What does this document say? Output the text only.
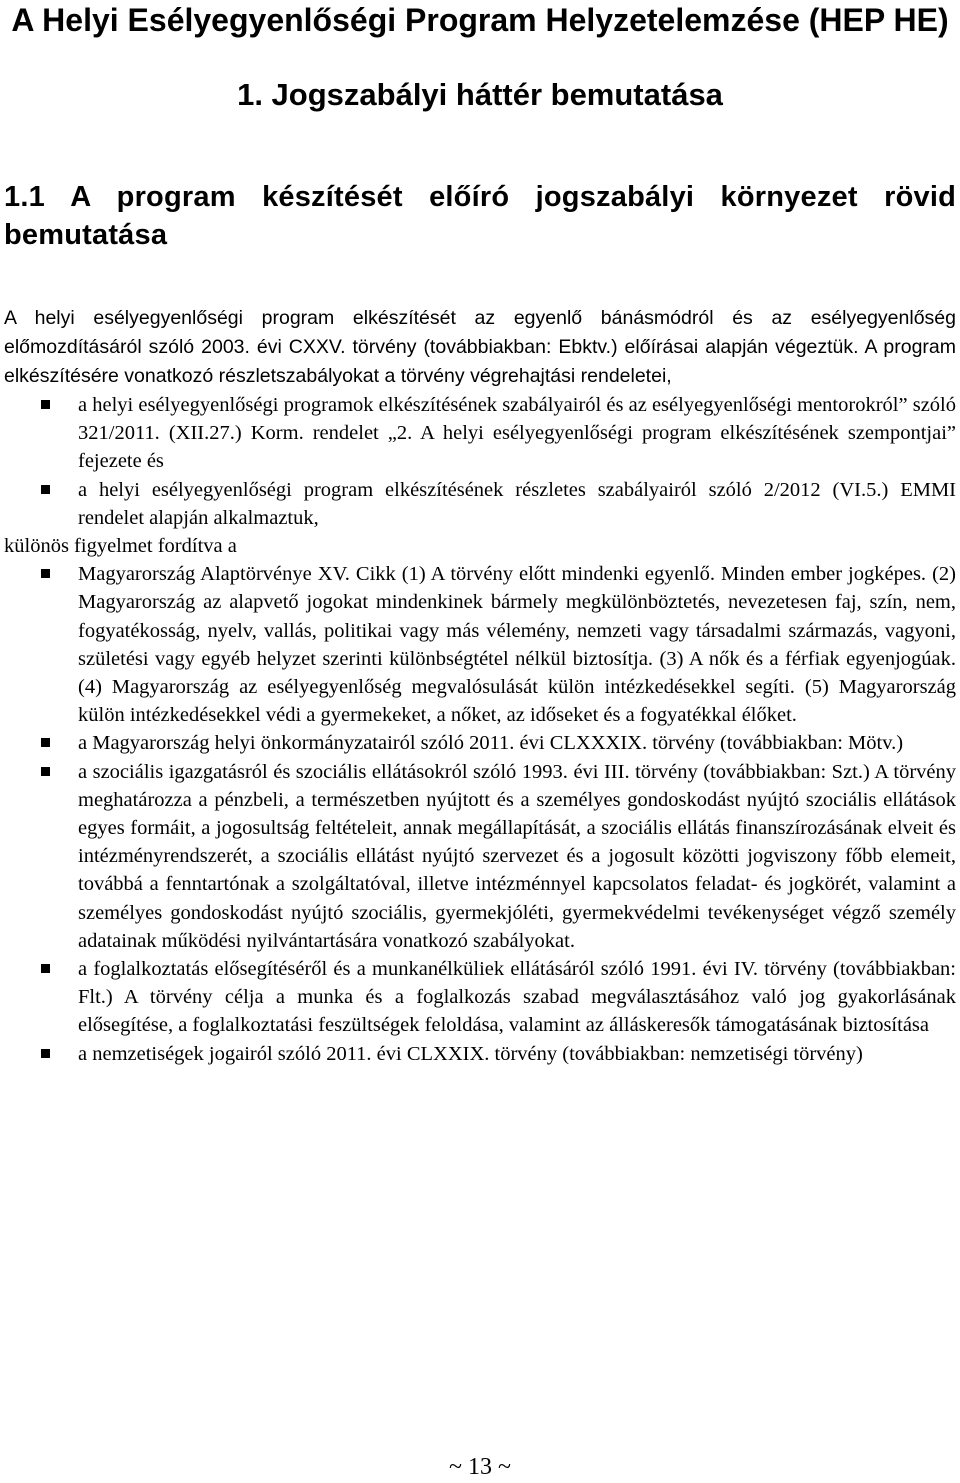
A Helyi Esélyegyenlőségi Program Helyzetelemzése (HEP HE)
1. Jogszabályi háttér bemutatása
1.1 A program készítését előíró jogszabályi környezet rövid bemutatása
A helyi esélyegyenlőségi program elkészítését az egyenlő bánásmódról és az esélyegyenlőség előmozdításáról szóló 2003. évi CXXV. törvény (továbbiakban: Ebktv.) előírásai alapján végeztük. A program elkészítésére vonatkozó részletszabályokat a törvény végrehajtási rendeletei,
a helyi esélyegyenlőségi programok elkészítésének szabályairól és az esélyegyenlőségi mentorokról” szóló 321/2011. (XII.27.) Korm. rendelet „2. A helyi esélyegyenlőségi program elkészítésének szempontjai” fejezete és
a helyi esélyegyenlőségi program elkészítésének részletes szabályairól szóló 2/2012 (VI.5.) EMMI rendelet alapján alkalmaztuk,

különös figyelmet fordítva a

Magyarország Alaptörvénye XV. Cikk (1) A törvény előtt mindenki egyenlő. Minden ember jogképes. (2) Magyarország az alapvető jogokat mindenkinek bármely megkülönböztetés, nevezetesen faj, szín, nem, fogyatékosság, nyelv, vallás, politikai vagy más vélemény, nemzeti vagy társadalmi származás, vagyoni, születési vagy egyéb helyzet szerinti különbségtétel nélkül biztosítja. (3) A nők és a férfiak egyenjogúak. (4) Magyarország az esélyegyenlőség megvalósulását külön intézkedésekkel segíti. (5) Magyarország külön intézkedésekkel védi a gyermekeket, a nőket, az időseket és a fogyatékkal élőket.
a Magyarország helyi önkormányzatairól szóló 2011. évi CLXXXIX. törvény (továbbiakban: Mötv.)
a szociális igazgatásról és szociális ellátásokról szóló 1993. évi III. törvény (továbbiakban: Szt.) A törvény meghatározza a pénzbeli, a természetben nyújtott és a személyes gondoskodást nyújtó szociális ellátások egyes formáit, a jogosultság feltételeit, annak megállapítását, a szociális ellátás finanszírozásának elveit és intézményrendszerét, a szociális ellátást nyújtó szervezet és a jogosult közötti jogviszony főbb elemeit, továbbá a fenntartónak a szolgáltatóval, illetve intézménnyel kapcsolatos feladat- és jogkörét, valamint a személyes gondoskodást nyújtó szociális, gyermekjóléti, gyermekvédelmi tevékenységet végző személy adatainak működési nyilvántartására vonatkozó szabályokat.
a foglalkoztatás elősegítéséről és a munkanélküliek ellátásáról szóló 1991. évi IV. törvény (továbbiakban: Flt.) A törvény célja a munka és a foglalkozás szabad megválasztásához való jog gyakorlásának elősegítése, a foglalkoztatási feszültségek feloldása, valamint az álláskeresők támogatásának biztosítása
a nemzetiségek jogairól szóló 2011. évi CLXXIX. törvény (továbbiakban: nemzetiségi törvény)
~ 13 ~
